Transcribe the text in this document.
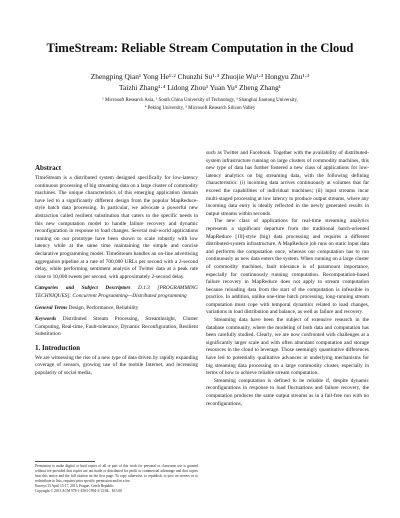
TimeStream: Reliable Stream Computation in the Cloud
Zhengping Qian¹ Yong He¹·² Chunzhi Su¹·³ Zhuojie Wu¹·³ Hongyu Zhu¹·³
Taizhi Zhang¹·⁴ Lidong Zhou¹ Yuan Yu⁵ Zheng Zhang¹
¹ Microsoft Research Asia, ² South China University of Technology, ³ Shanghai Jiaotong University,
⁴ Peking University, ⁵ Microsoft Research Silicon Valley
Abstract

TimeStream is a distributed system designed specifically for low-latency continuous processing of big streaming data on a large cluster of commodity machines. The unique characteristics of this emerging application domain have led to a significantly different design from the popular MapReduce-style batch data processing. In particular, we advocate a powerful new abstraction called resilient substitution that caters to the specific needs in this new computation model to handle failure recovery and dynamic reconfiguration in response to load changes. Several real-world applications running on our prototype have been shown to scale robustly with low latency while at the same time maintaining the simple and concise declarative programming model. TimeStream handles an on-line advertising aggregation pipeline at a rate of 700,000 URLs per second with a 2-second delay, while performing sentiment analysis of Twitter data at a peak rate close to 10,000 tweets per second, with approximately 2-second delay.

Categories and Subject Descriptors D.1.3 [PROGRAMMING TECHNIQUES]: Concurrent Programming—Distributed programming

General Terms Design, Performance, Reliability

Keywords Distributed Stream Processing, Streamlnsight, Cluster Computing, Real-time, Fault-tolerance, Dynamic Reconfiguration, Resilient Substitution

1. Introduction

We are witnessing the rise of a new type of data driven by rapidly expanding coverage of sensors, growing use of the mobile Internet, and increasing popularity of social media,

Permission to make digital or hard copies of all or part of this work for personal or classroom use is granted without fee provided that copies are not made or distributed for profit or commercial advantage and that copies bear this notice and the full citation on the first page. To copy otherwise, to republish, to post on servers or to redistribute to lists, requires prior specific permission and/or a fee.
Eurosys'13 April 15-17, 2013, Prague, Czech Republic
Copyright © 2013 ACM 978-1-4503-1994-2/13/04... $15.00

such as Twitter and Facebook. Together with the availability of distributed-system infrastructure running on large clusters of commodity machines, this new type of data has further fostered a new class of applications for low-latency analytics on big streaming data, with the following defining characteristics: (i) incoming data arrives continuously at volumes that far exceed the capabilities of individual machines; (ii) input streams incur multi-staged processing at low latency to produce output streams, where any incoming data entry is ideally reflected in the newly generated results in output streams within seconds.

The new class of applications for real-time streaming analytics represents a significant departure from the traditional batch-oriented MapReduce [10]-style (big) data processing and requires a different distributed-system infrastructure. A MapReduce job runs on static input data and performs the computation once, whereas our computation has to run continuously as new data enters the system. When running on a large cluster of commodity machines, fault tolerance is of paramount importance, especially for continuously running computation. Recomputation-based failure recovery in MapReduce does not apply to stream computation because reloading data from the start of the computation is infeasible in practice. In addition, unlike one-time batch processing, long-running stream computation must cope with temporal dynamics related to load changes, variations in load distribution and balance, as well as failure and recovery.

Streaming data have been the subject of extensive research in the database community, where the modeling of both data and computation has been carefully studied. Clearly, we are now confronted with challenges at a significantly larger scale and with often abundant computation and storage resources in the cloud to leverage. Those seemingly quantitative differences have led to potentially qualitative advances in underlying mechanisms for big streaming data processing on a large commodity cluster, especially in terms of how to achieve reliable stream computation.

Streaming computation is defined to be reliable if, despite dynamic reconfigurations in response to load fluctuations and failure recovery, the computation produces the same output streams as in a fail-free run with no reconfigurations,
